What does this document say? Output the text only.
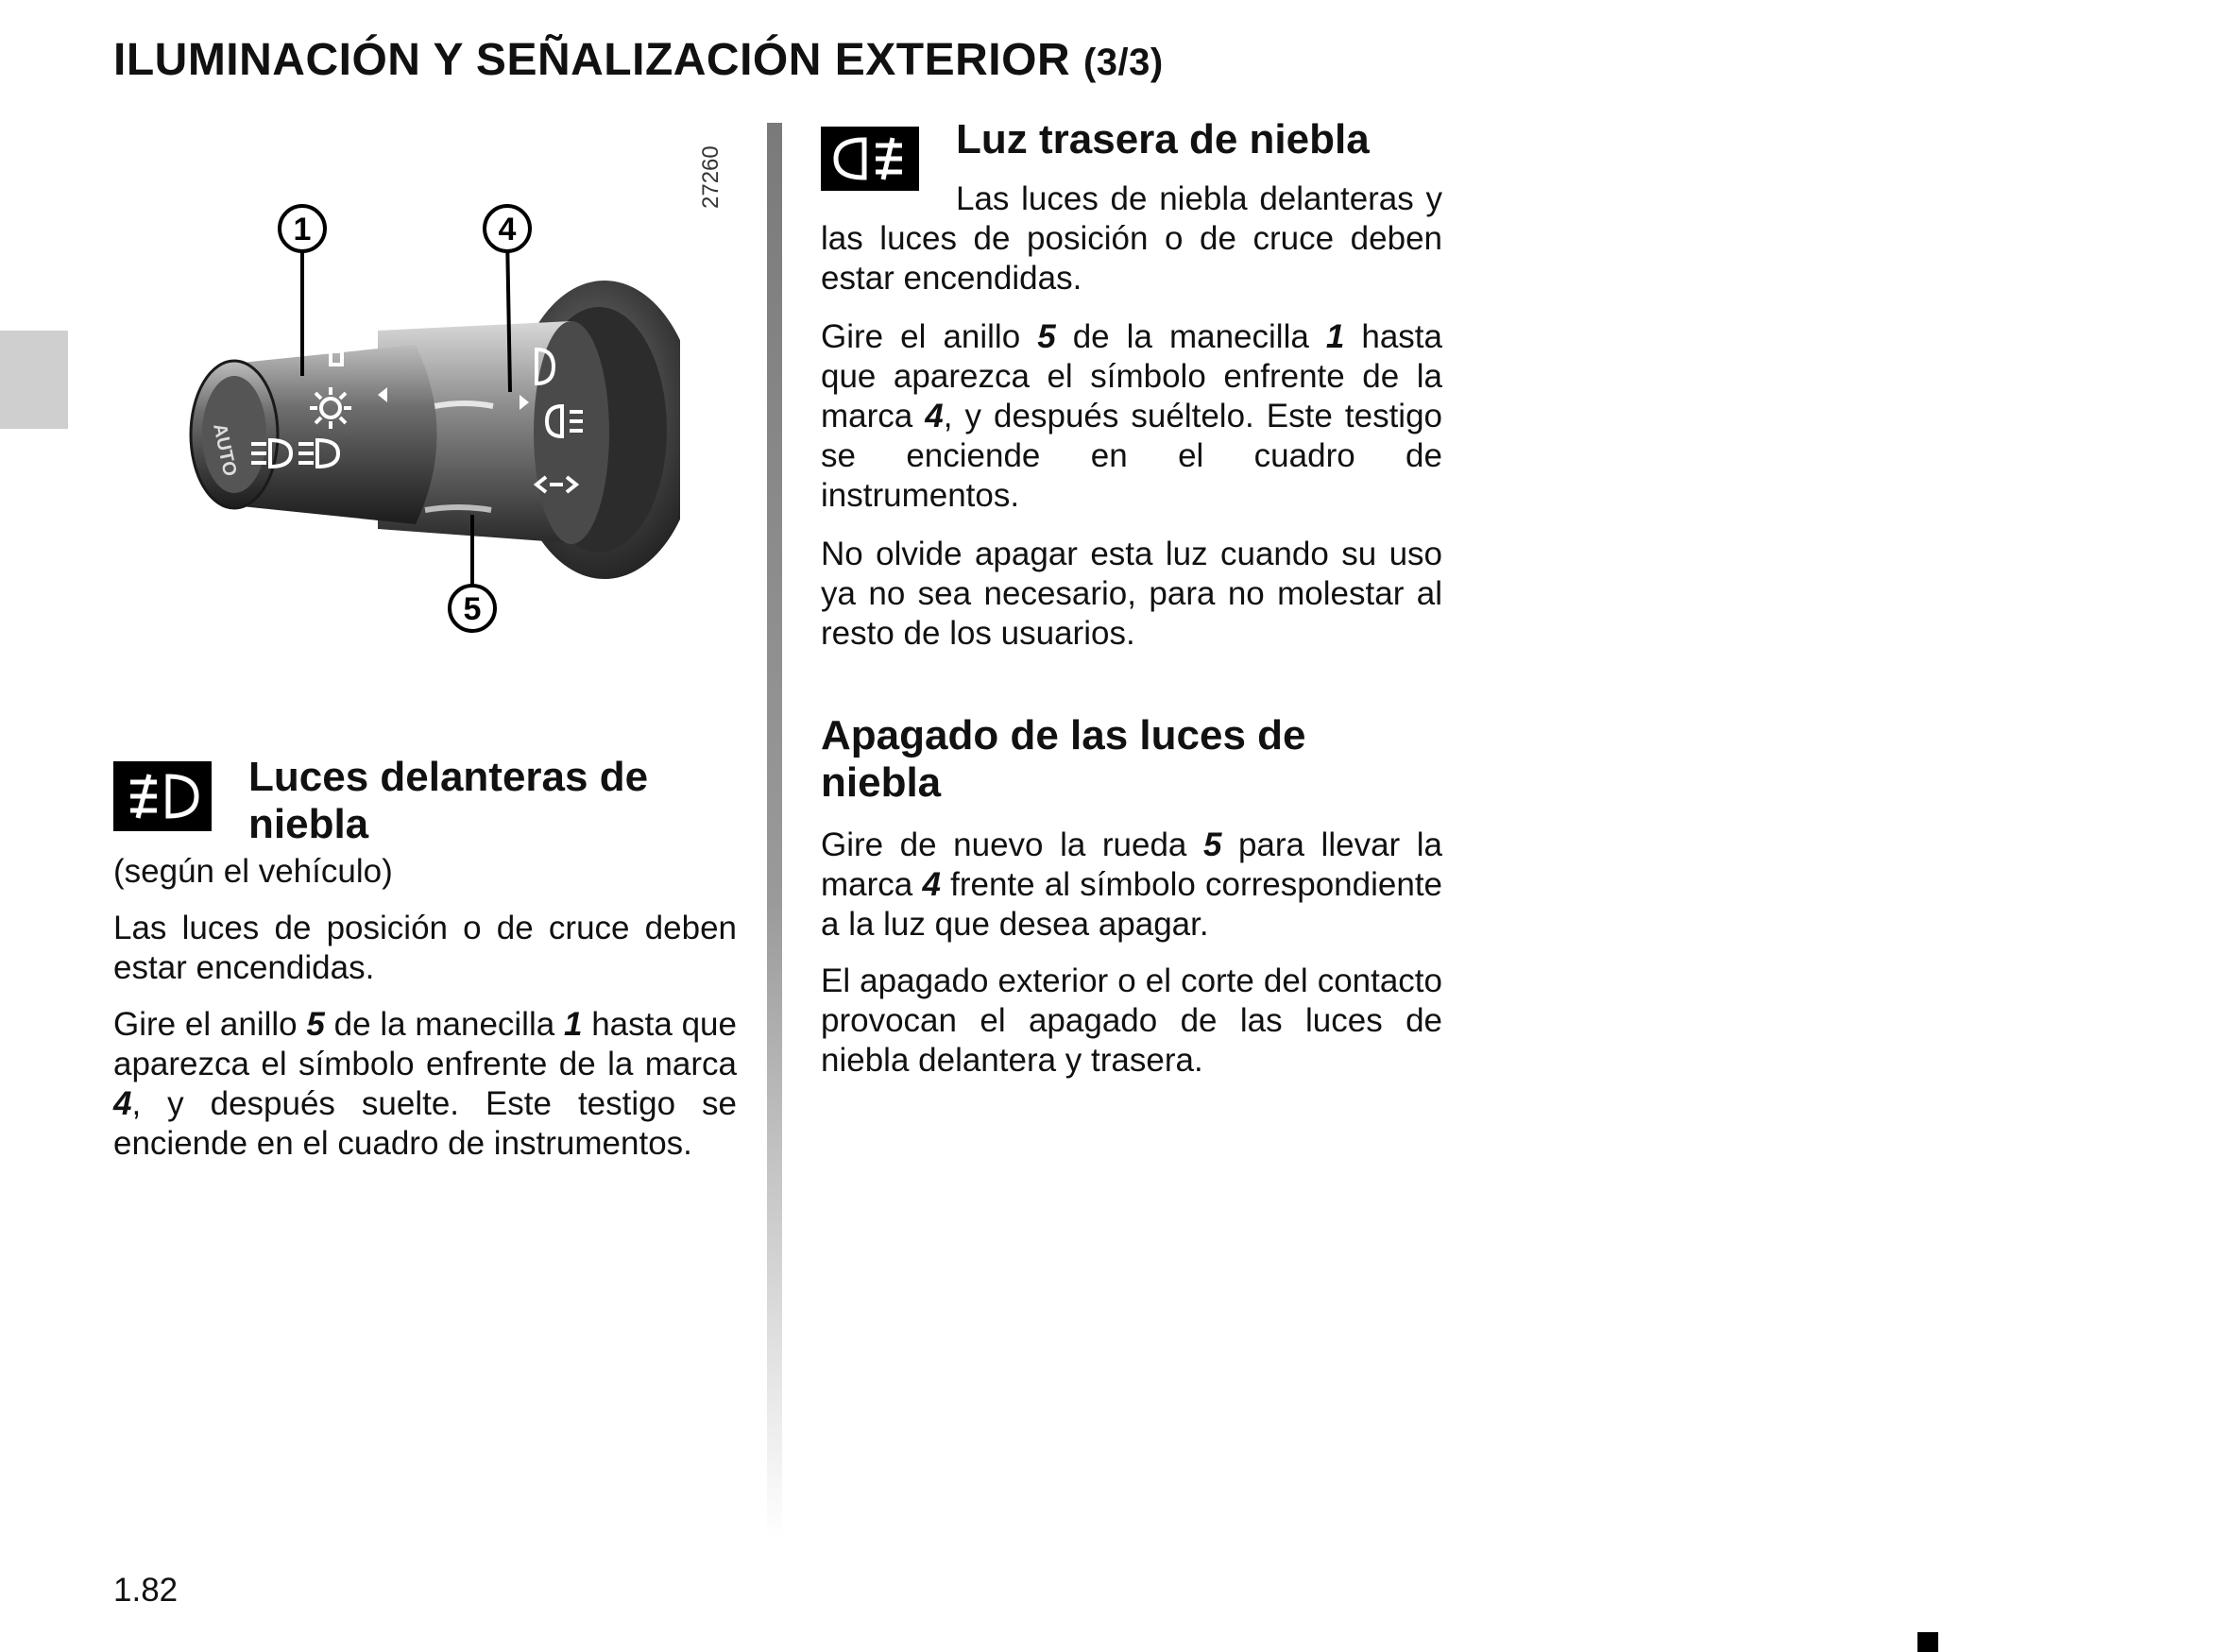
ILUMINACIÓN Y SEÑALIZACIÓN EXTERIOR (3/3)
27260
AUTO
1	4
5
Luces delanteras de niebla

(según el vehículo)

Las luces de posición o de cruce deben estar encendidas.

Gire el anillo 5 de la manecilla 1 hasta que aparezca el símbolo enfrente de la marca 4, y después suelte. Este testigo se enciende en el cuadro de instrumentos.

Luz trasera de niebla

Las luces de niebla delanteras y las luces de posición o de cruce deben estar encendidas.

Gire el anillo 5 de la manecilla 1 hasta que aparezca el símbolo enfrente de la marca 4, y después suéltelo. Este testigo se enciende en el cuadro de instrumentos.

No olvide apagar esta luz cuando su uso ya no sea necesario, para no molestar al resto de los usuarios.

Apagado de las luces de niebla

Gire de nuevo la rueda 5 para llevar la marca 4 frente al símbolo correspondiente a la luz que desea apagar.

El apagado exterior o el corte del contacto provocan el apagado de las luces de niebla delantera y trasera.

1.82
